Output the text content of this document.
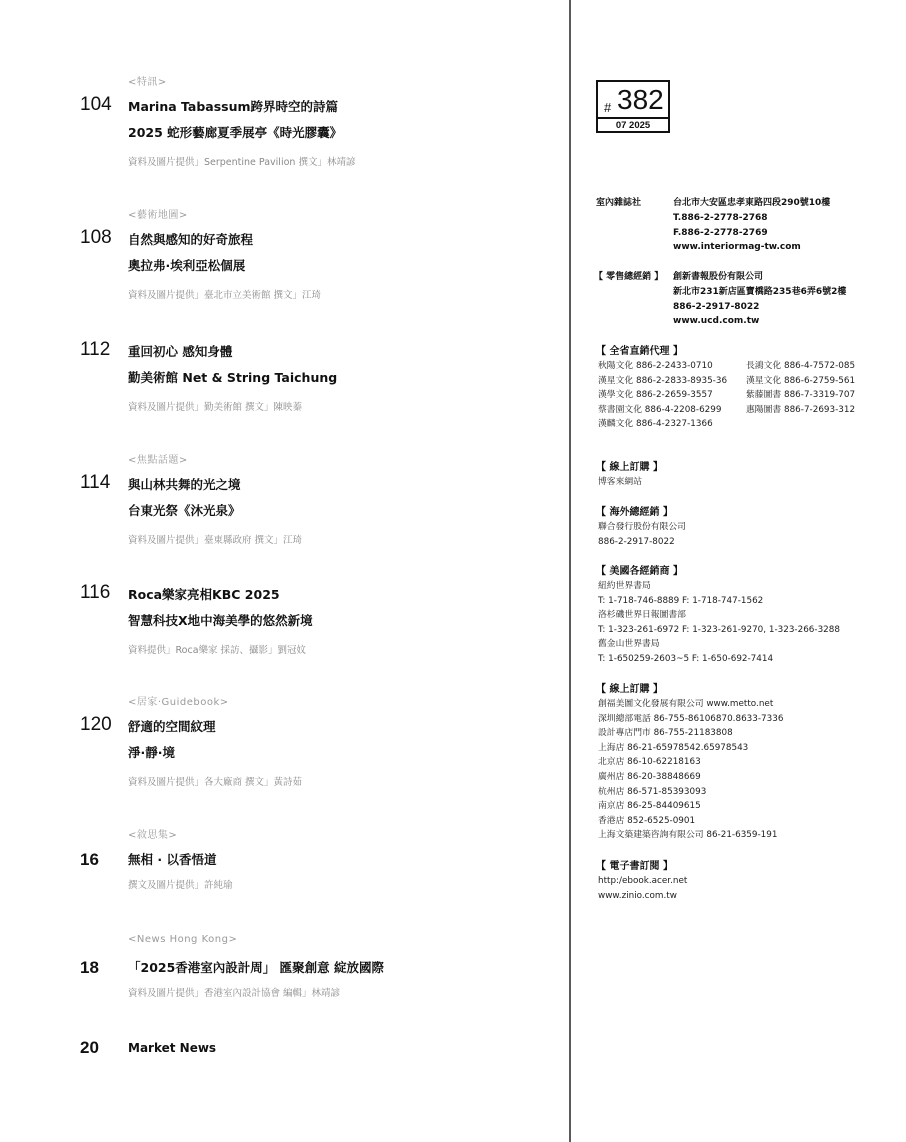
<特訊>
104 Marina Tabassum跨界時空的詩篇
2025 蛇形藝廊夏季展亭《時光膠囊》
資料及圖片提供」Serpentine Pavilion 撰文」林靖諺
<藝術地圖>
108 自然與感知的好奇旅程
奧拉弗·埃利亞松個展
資料及圖片提供」臺北市立美術館 撰文」江琦
112 重回初心 感知身體
勤美術館 Net & String Taichung
資料及圖片提供」勤美術館 撰文」陳映蓁
<焦點話題>
114 與山林共舞的光之境
台東光祭《沐光泉》
資料及圖片提供」臺東縣政府 撰文」江琦
116 Roca樂家亮相KBC 2025
智慧科技X地中海美學的悠然新境
資料提供」Roca樂家 採訪、攝影」劉冠妏
<居家·Guidebook>
120 舒適的空間紋理
淨·靜·境
資料及圖片提供」各大廠商 撰文」黃詩茹
<敘思集>
16 無相 · 以香悟道
撰文及圖片提供」許純瑜
<News Hong Kong>
18 「2025香港室內設計周」 匯聚創意 綻放國際
資料及圖片提供」香港室內設計協會 編輯」林靖諺
20 Market News
# 382
07 2025
室內雜誌社	台北市大安區忠孝東路四段290號10樓
T.886-2-2778-2768
F.886-2-2778-2769
www.interiormag-tw.com
【 零售總經銷 】 創新書報股份有限公司
新北市231新店區寶橋路235巷6弄6號2樓
886-2-2917-8022
www.ucd.com.tw
【 全省直銷代理 】
秋陽文化 886-2-2433-0710	長鴻文化 886-4-7572-085
漢星文化 886-2-2833-8935-36 漢星文化 886-6-2759-561
漢學文化 886-2-2659-3557	紫藤圖書 886-7-3319-707
蔡書園文化 886-4-2208-6299	惠陽圖書 886-7-2693-312
漢麟文化 886-4-2327-1366
【 線上訂購 】
博客來網站
【 海外總經銷 】
聯合發行股份有限公司
886-2-2917-8022
【 美國各經銷商 】
紐約世界書局
T: 1-718-746-8889 F: 1-718-747-1562
洛杉磯世界日報圖書部
T: 1-323-261-6972 F: 1-323-261-9270, 1-323-266-3288
舊金山世界書局
T: 1-650259-2603~5 F: 1-650-692-7414
【 線上訂購 】
創福美圖文化發展有限公司 www.metto.net
深圳總部電話 86-755-86106870.8633-7336
設計專店門市 86-755-21183808
上海店 86-21-65978542.65978543
北京店 86-10-62218163
廣州店 86-20-38848669
杭州店 86-571-85393093
南京店 86-25-84409615
香港店 852-6525-0901
上海文築建築咨詢有限公司 86-21-6359-191
【 電子書訂閱 】
http:/ebook.acer.net
www.zinio.com.tw
